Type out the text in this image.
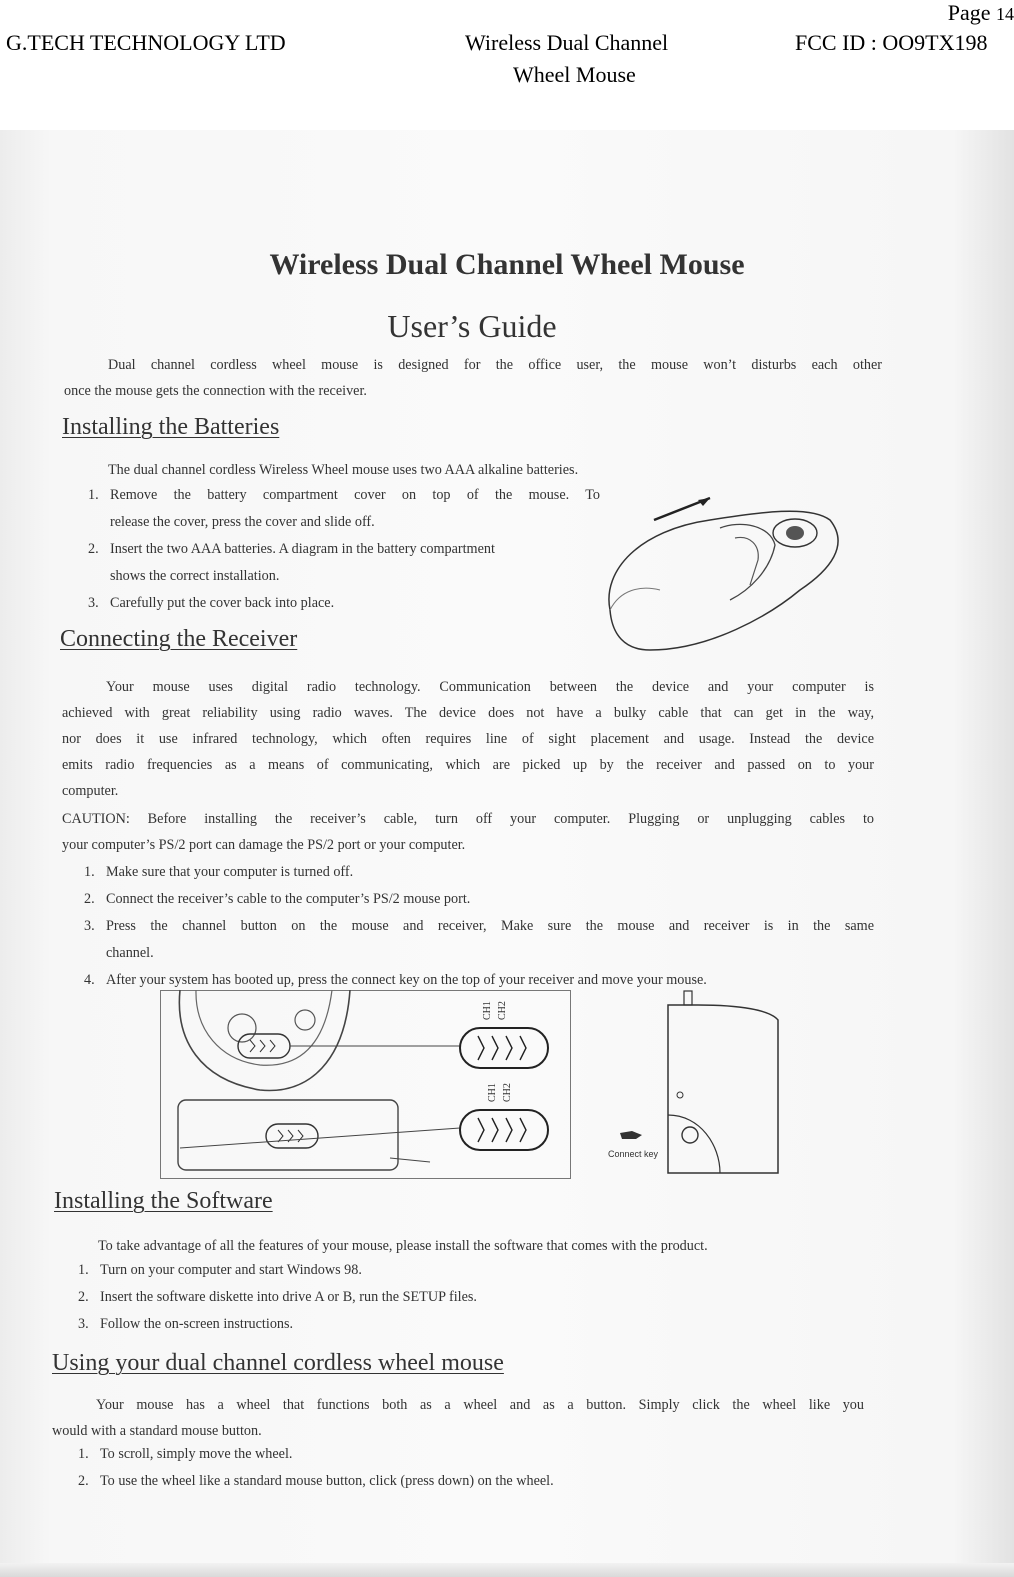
Page 14
G.TECH TECHNOLOGY LTD	Wireless Dual Channel
Wheel Mouse
FCC ID : OO9TX198
Wireless Dual Channel Wheel Mouse
User’s Guide
Dual channel cordless wheel mouse is designed for the office user, the mouse won’t disturbs each other
once the mouse gets the connection with the receiver.
Installing the Batteries
The dual channel cordless Wireless Wheel mouse uses two AAA alkaline batteries.
1. Remove the battery compartment cover on top of the mouse. To
release the cover, press the cover and slide off.
2. Insert the two AAA batteries. A diagram in the battery compartment
shows the correct installation.
3. Carefully put the cover back into place.
Connecting the Receiver
Your mouse uses digital radio technology. Communication between the device and your computer is
achieved with great reliability using radio waves. The device does not have a bulky cable that can get in the way,
nor does it use infrared technology, which often requires line of sight placement and usage. Instead the device
emits radio frequencies as a means of communicating, which are picked up by the receiver and passed on to your
computer.
CAUTION: Before installing the receiver’s cable, turn off your computer. Plugging or unplugging cables to
your computer’s PS/2 port can damage the PS/2 port or your computer.
1. Make sure that your computer is turned off.
2. Connect the receiver’s cable to the computer’s PS/2 mouse port.
3. Press the channel button on the mouse and receiver, Make sure the mouse and receiver is in the same
channel.
4. After your system has booted up, press the connect key on the top of your receiver and move your mouse.
CH1 CH2
CH1 CH2
Connect key
Installing the Software
To take advantage of all the features of your mouse, please install the software that comes with the product.
1. Turn on your computer and start Windows 98.
2. Insert the software diskette into drive A or B, run the SETUP files.
3. Follow the on-screen instructions.
Using your dual channel cordless wheel mouse
Your mouse has a wheel that functions both as a wheel and as a button. Simply click the wheel like you
would with a standard mouse button.
1. To scroll, simply move the wheel.
2. To use the wheel like a standard mouse button, click (press down) on the wheel.
